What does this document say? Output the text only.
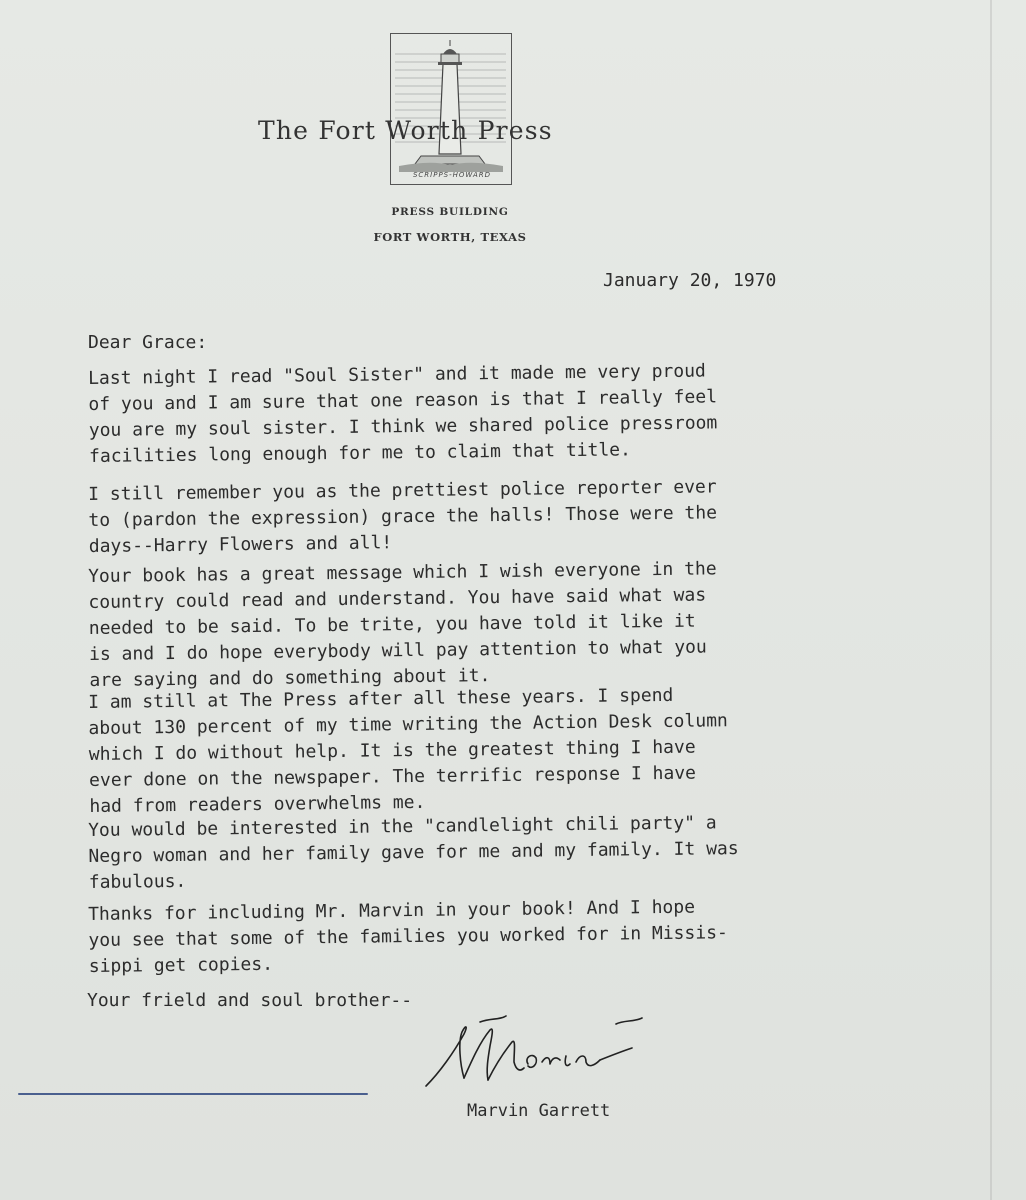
SCRIPPS-HOWARD
The Fort Worth Press
PRESS BUILDING
FORT WORTH, TEXAS
January 20, 1970
Dear Grace:

Last night I read "Soul Sister" and it made me very proud

of you and I am sure that one reason is that I really feel

you are my soul sister. I think we shared police pressroom

facilities long enough for me to claim that title.

I still remember you as the prettiest police reporter ever

to (pardon the expression) grace the halls! Those were the

days--Harry Flowers and all!

Your book has a great message which I wish everyone in the

country could read and understand. You have said what was

needed to be said. To be trite, you have told it like it

is and I do hope everybody will pay attention to what you

are saying and do something about it.

I am still at The Press after all these years. I spend

about 130 percent of my time writing the Action Desk column

which I do without help. It is the greatest thing I have

ever done on the newspaper. The terrific response I have

had from readers overwhelms me.

You would be interested in the "candlelight chili party" a

Negro woman and her family gave for me and my family. It was

fabulous.

Thanks for including Mr. Marvin in your book! And I hope

you see that some of the families you worked for in Missis-

sippi get copies.

Your frield and soul brother--
Marvin Garrett
